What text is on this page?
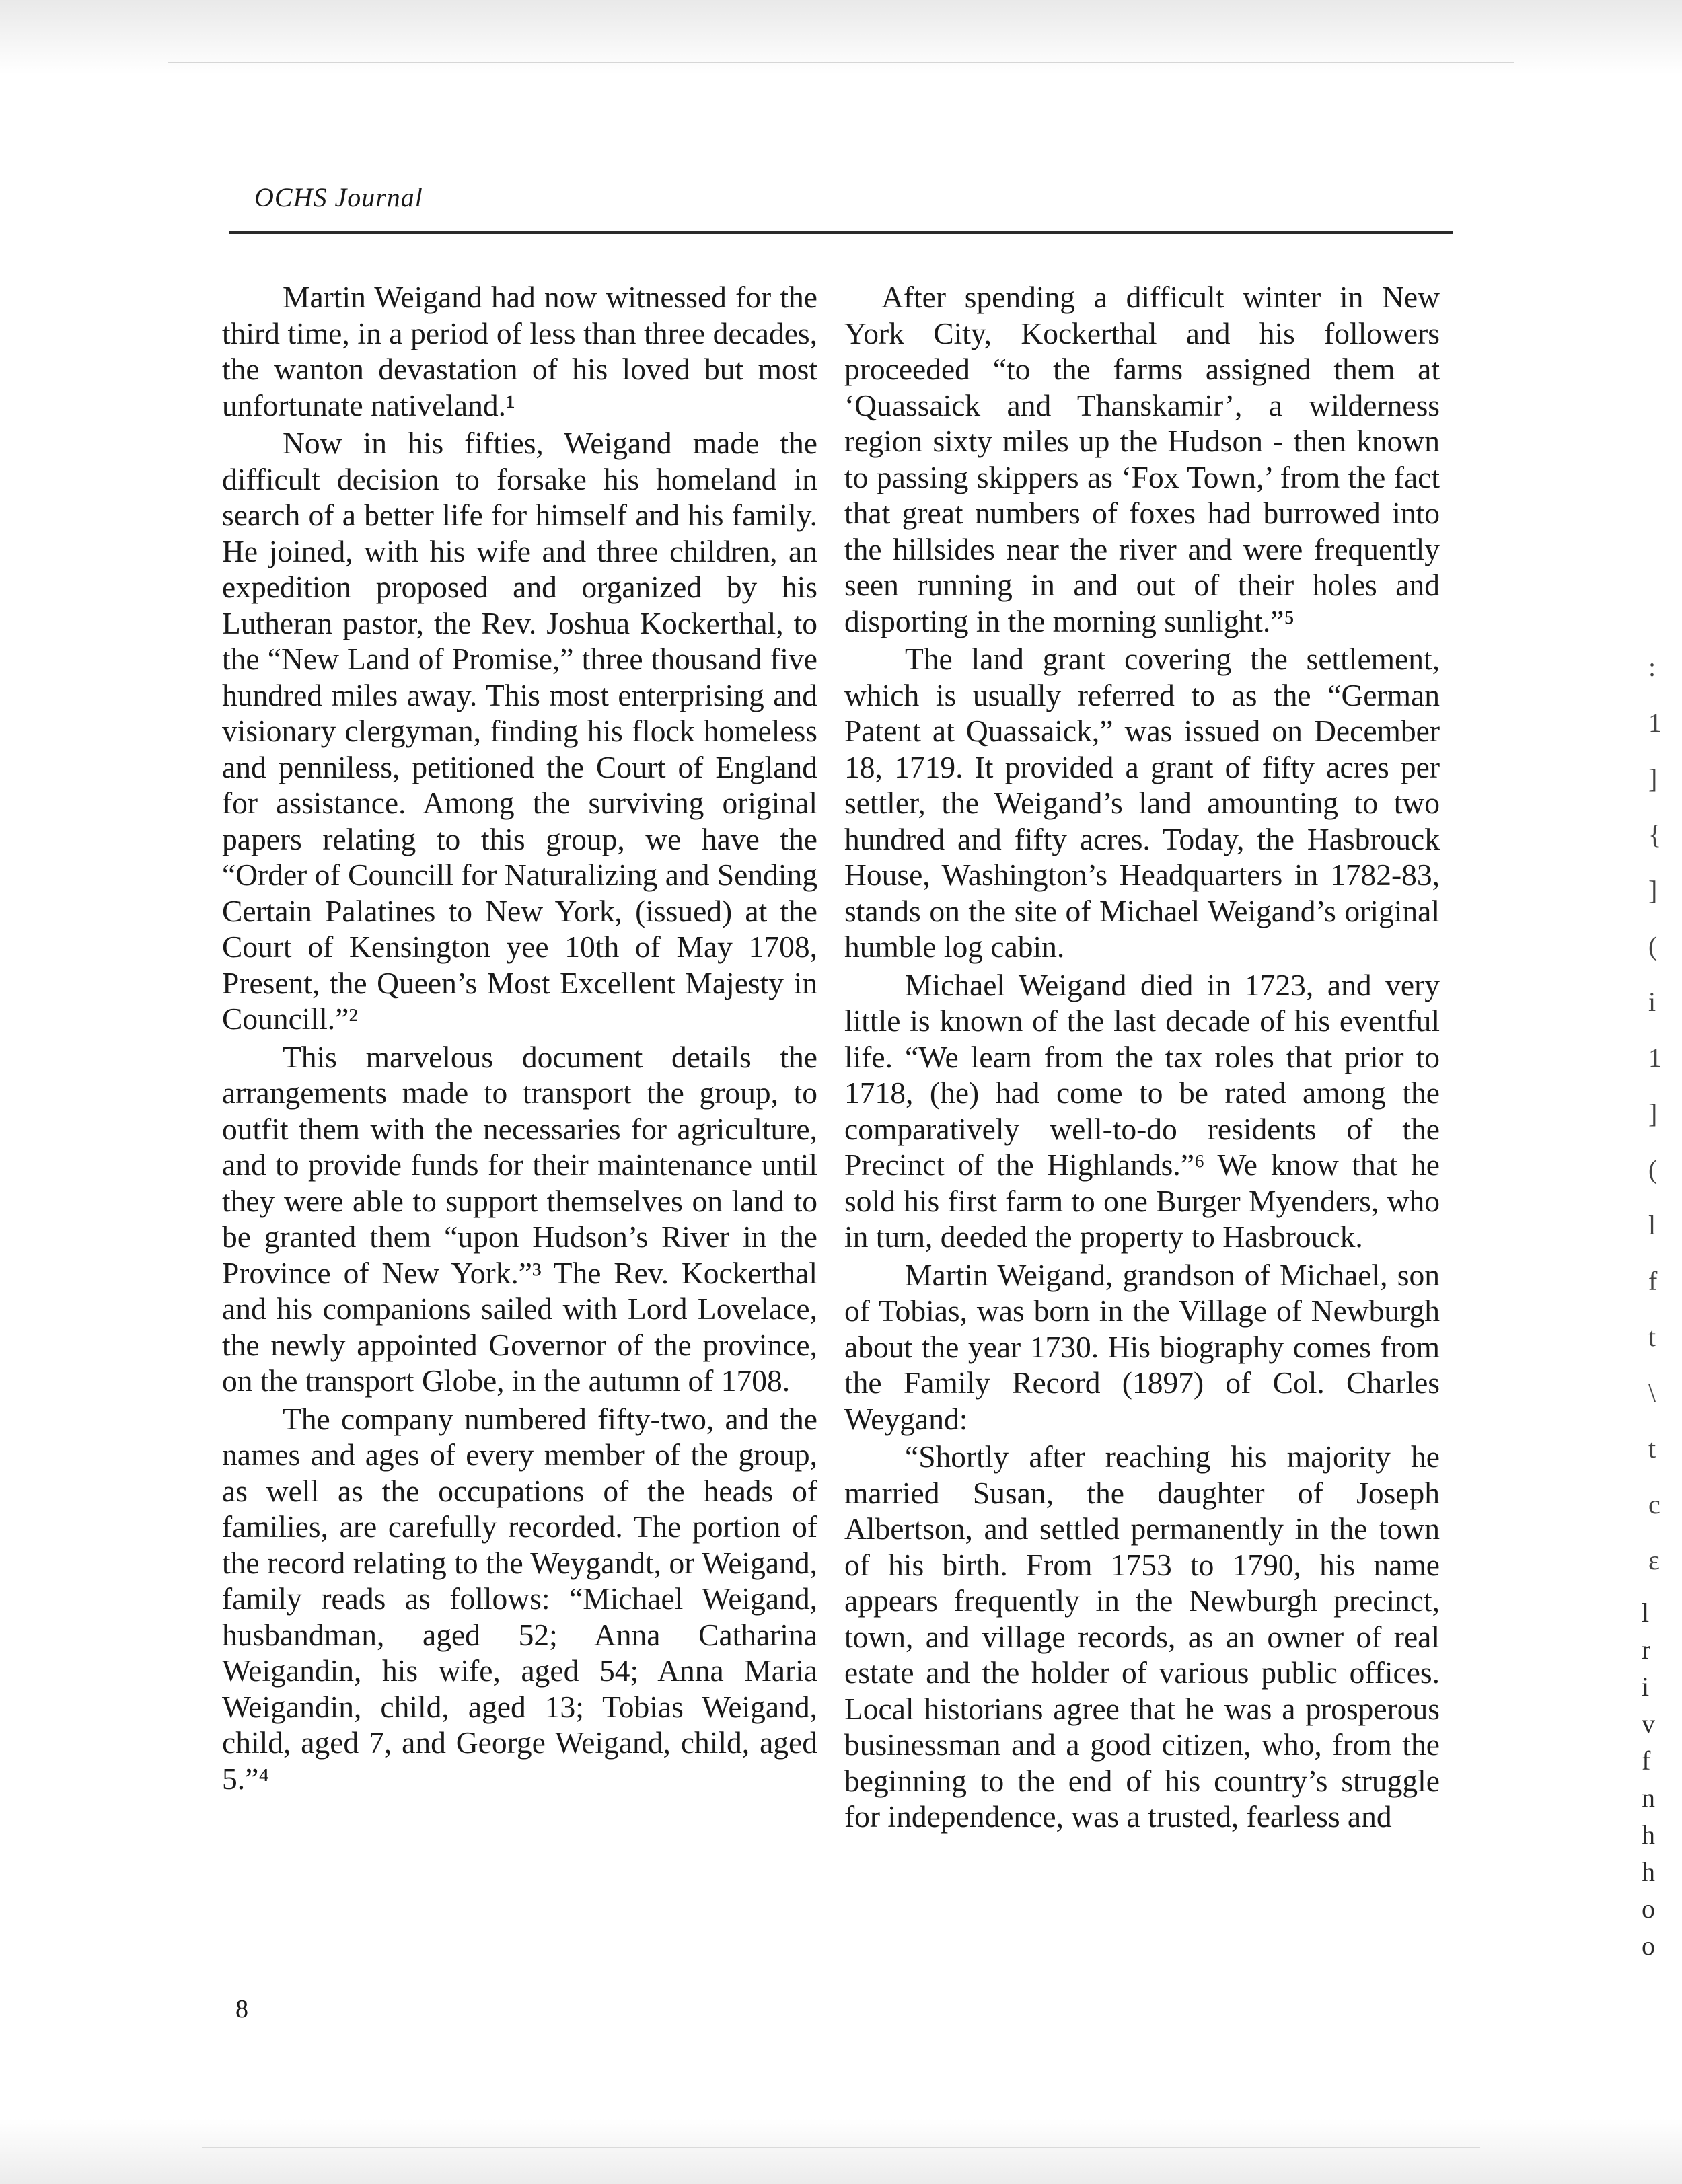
OCHS Journal

Martin Weigand had now witnessed for the third time, in a period of less than three decades, the wanton devastation of his loved but most unfortunate nativeland.¹

Now in his fifties, Weigand made the difficult decision to forsake his homeland in search of a better life for himself and his family. He joined, with his wife and three children, an expedition proposed and organized by his Lutheran pastor, the Rev. Joshua Kockerthal, to the “New Land of Promise,” three thousand five hundred miles away. This most enterprising and visionary clergyman, finding his flock homeless and penniless, petitioned the Court of England for assistance. Among the surviving original papers relating to this group, we have the “Order of Councill for Naturalizing and Sending Certain Palatines to New York, (issued) at the Court of Kensington yee 10th of May 1708, Present, the Queen’s Most Excellent Majesty in Councill.”²

This marvelous document details the arrangements made to transport the group, to outfit them with the necessaries for agriculture, and to provide funds for their maintenance until they were able to support themselves on land to be granted them “upon Hudson’s River in the Province of New York.”³ The Rev. Kockerthal and his companions sailed with Lord Lovelace, the newly appointed Governor of the province, on the transport Globe, in the autumn of 1708.

The company numbered fifty-two, and the names and ages of every member of the group, as well as the occupations of the heads of families, are carefully recorded. The portion of the record relating to the Weygandt, or Weigand, family reads as follows: “Michael Weigand, husbandman, aged 52; Anna Catharina Weigandin, his wife, aged 54; Anna Maria Weigandin, child, aged 13; Tobias Weigand, child, aged 7, and George Weigand, child, aged 5.”⁴

After spending a difficult winter in New York City, Kockerthal and his followers proceeded “to the farms assigned them at ‘Quassaick and Thanskamir’, a wilderness region sixty miles up the Hudson - then known to passing skippers as ‘Fox Town,’ from the fact that great numbers of foxes had burrowed into the hillsides near the river and were frequently seen running in and out of their holes and disporting in the morning sunlight.”⁵

The land grant covering the settlement, which is usually referred to as the “German Patent at Quassaick,” was issued on December 18, 1719. It provided a grant of fifty acres per settler, the Weigand’s land amounting to two hundred and fifty acres. Today, the Hasbrouck House, Washington’s Headquarters in 1782-83, stands on the site of Michael Weigand’s original humble log cabin.

Michael Weigand died in 1723, and very little is known of the last decade of his eventful life. “We learn from the tax roles that prior to 1718, (he) had come to be rated among the comparatively well-to-do residents of the Precinct of the Highlands.”⁶ We know that he sold his first farm to one Burger Myenders, who in turn, deeded the property to Hasbrouck.

Martin Weigand, grandson of Michael, son of Tobias, was born in the Village of Newburgh about the year 1730. His biography comes from the Family Record (1897) of Col. Charles Weygand:

“Shortly after reaching his majority he married Susan, the daughter of Joseph Albertson, and settled permanently in the town of his birth. From 1753 to 1790, his name appears frequently in the Newburgh precinct, town, and village records, as an owner of real estate and the holder of various public offices. Local historians agree that he was a prosperous businessman and a good citizen, who, from the beginning to the end of his country’s struggle for independence, was a trusted, fearless and

8
:
1
]
{
]
(
i
1
]
(
l
f
t
\
t
c
ε
l
r
i
v
f
n
h
h
o
o
